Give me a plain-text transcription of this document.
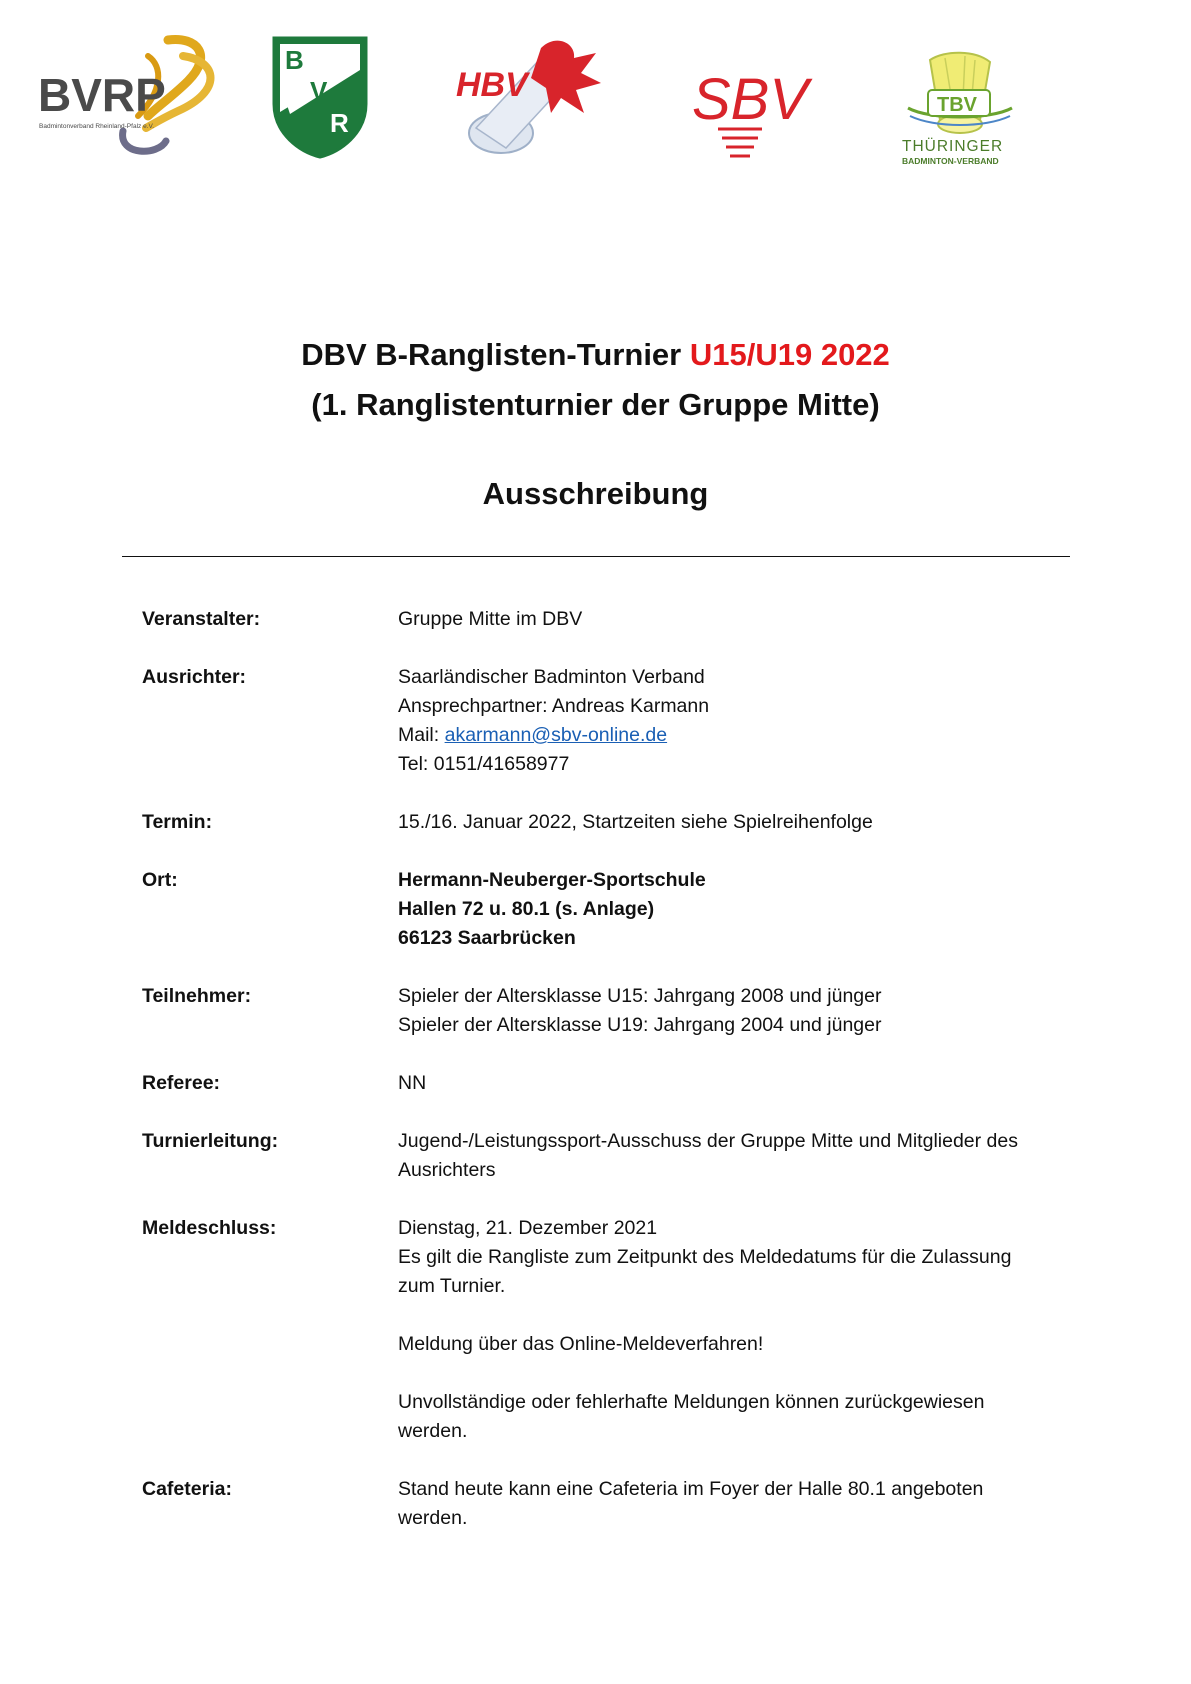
BVRP
Badmintonverband Rheinland-Pfalz e.V.
B
V
R
HBV	SBV	TBV
THÜRINGER
BADMINTON-VERBAND
DBV B-Ranglisten-Turnier U15/U19 2022
(1. Ranglistenturnier der Gruppe Mitte)
Ausschreibung
Veranstalter:	Gruppe Mitte im DBV
Ausrichter:	Saarländischer Badminton Verband
Ansprechpartner: Andreas Karmann
Mail: akarmann@sbv-online.de
Tel: 0151/41658977
Termin:	15./16. Januar 2022, Startzeiten siehe Spielreihenfolge
Ort:	Hermann-Neuberger-Sportschule
Hallen 72 u. 80.1 (s. Anlage)
66123 Saarbrücken
Teilnehmer:	Spieler der Altersklasse U15: Jahrgang 2008 und jünger
Spieler der Altersklasse U19: Jahrgang 2004 und jünger
Referee:	NN
Turnierleitung:	Jugend-/Leistungssport-Ausschuss der Gruppe Mitte und Mitglieder des
Ausrichters
Meldeschluss:	Dienstag, 21. Dezember 2021
Es gilt die Rangliste zum Zeitpunkt des Meldedatums für die Zulassung
zum Turnier.
Meldung über das Online-Meldeverfahren!
Unvollständige oder fehlerhafte Meldungen können zurückgewiesen
werden.
Cafeteria:	Stand heute kann eine Cafeteria im Foyer der Halle 80.1 angeboten
werden.
